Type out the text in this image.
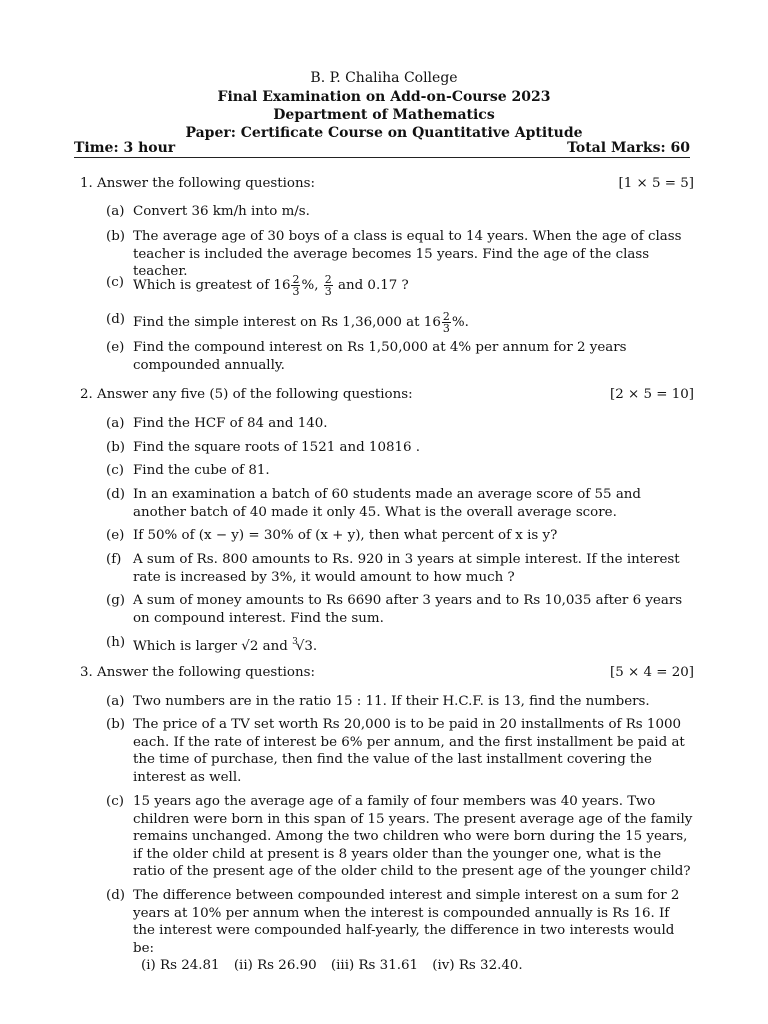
B. P. Chaliha College
Final Examination on Add-on-Course 2023
Department of Mathematics
Paper: Certificate Course on Quantitative Aptitude
Time: 3 hour	Total Marks: 60
1. Answer the following questions:	[1 × 5 = 5]
(a) Convert 36 km/h into m/s.
(b) The average age of 30 boys of a class is equal to 14 years. When the age of class teacher is included the average becomes 15 years. Find the age of the class teacher.
(c) Which is greatest of $16 \frac{2}{3}$ %, $\frac{2}{3}$ and 0.17 ?
(d) Find the simple interest on Rs 1,36,000 at $16 \frac{2}{3}$ %.
(e) Find the compound interest on Rs 1,50,000 at 4% per annum for 2 years compounded annually.
2. Answer any five (5) of the following questions:	[2 × 5 = 10]
(a) Find the HCF of 84 and 140.
(b) Find the square roots of 1521 and 10816 .
(c) Find the cube of 81.
(d) In an examination a batch of 60 students made an average score of 55 and another batch of 40 made it only 45. What is the overall average score.
(e) If 50% of (x − y) = 30% of (x + y), then what percent of x is y?
(f) A sum of Rs. 800 amounts to Rs. 920 in 3 years at simple interest. If the interest rate is increased by 3%, it would amount to how much ?
(g) A sum of money amounts to Rs 6690 after 3 years and to Rs 10,035 after 6 years on compound interest. Find the sum.
(h) Which is larger √2 and $^3$√3.
3. Answer the following questions:	[5 × 4 = 20]
(a) Two numbers are in the ratio 15 : 11. If their H.C.F. is 13, find the numbers.
(b) The price of a TV set worth Rs 20,000 is to be paid in 20 installments of Rs 1000 each. If the rate of interest be 6% per annum, and the first installment be paid at the time of purchase, then find the value of the last installment covering the interest as well.
(c) 15 years ago the average age of a family of four members was 40 years. Two children were born in this span of 15 years. The present average age of the family remains unchanged. Among the two children who were born during the 15 years, if the older child at present is 8 years older than the younger one, what is the ratio of the present age of the older child to the present age of the younger child?
(d) The difference between compounded interest and simple interest on a sum for 2 years at 10% per annum when the interest is compounded annually is Rs 16. If the interest were compounded half-yearly, the difference in two interests would be:
(i) Rs 24.81 (ii) Rs 26.90 (iii) Rs 31.61 (iv) Rs 32.40.
